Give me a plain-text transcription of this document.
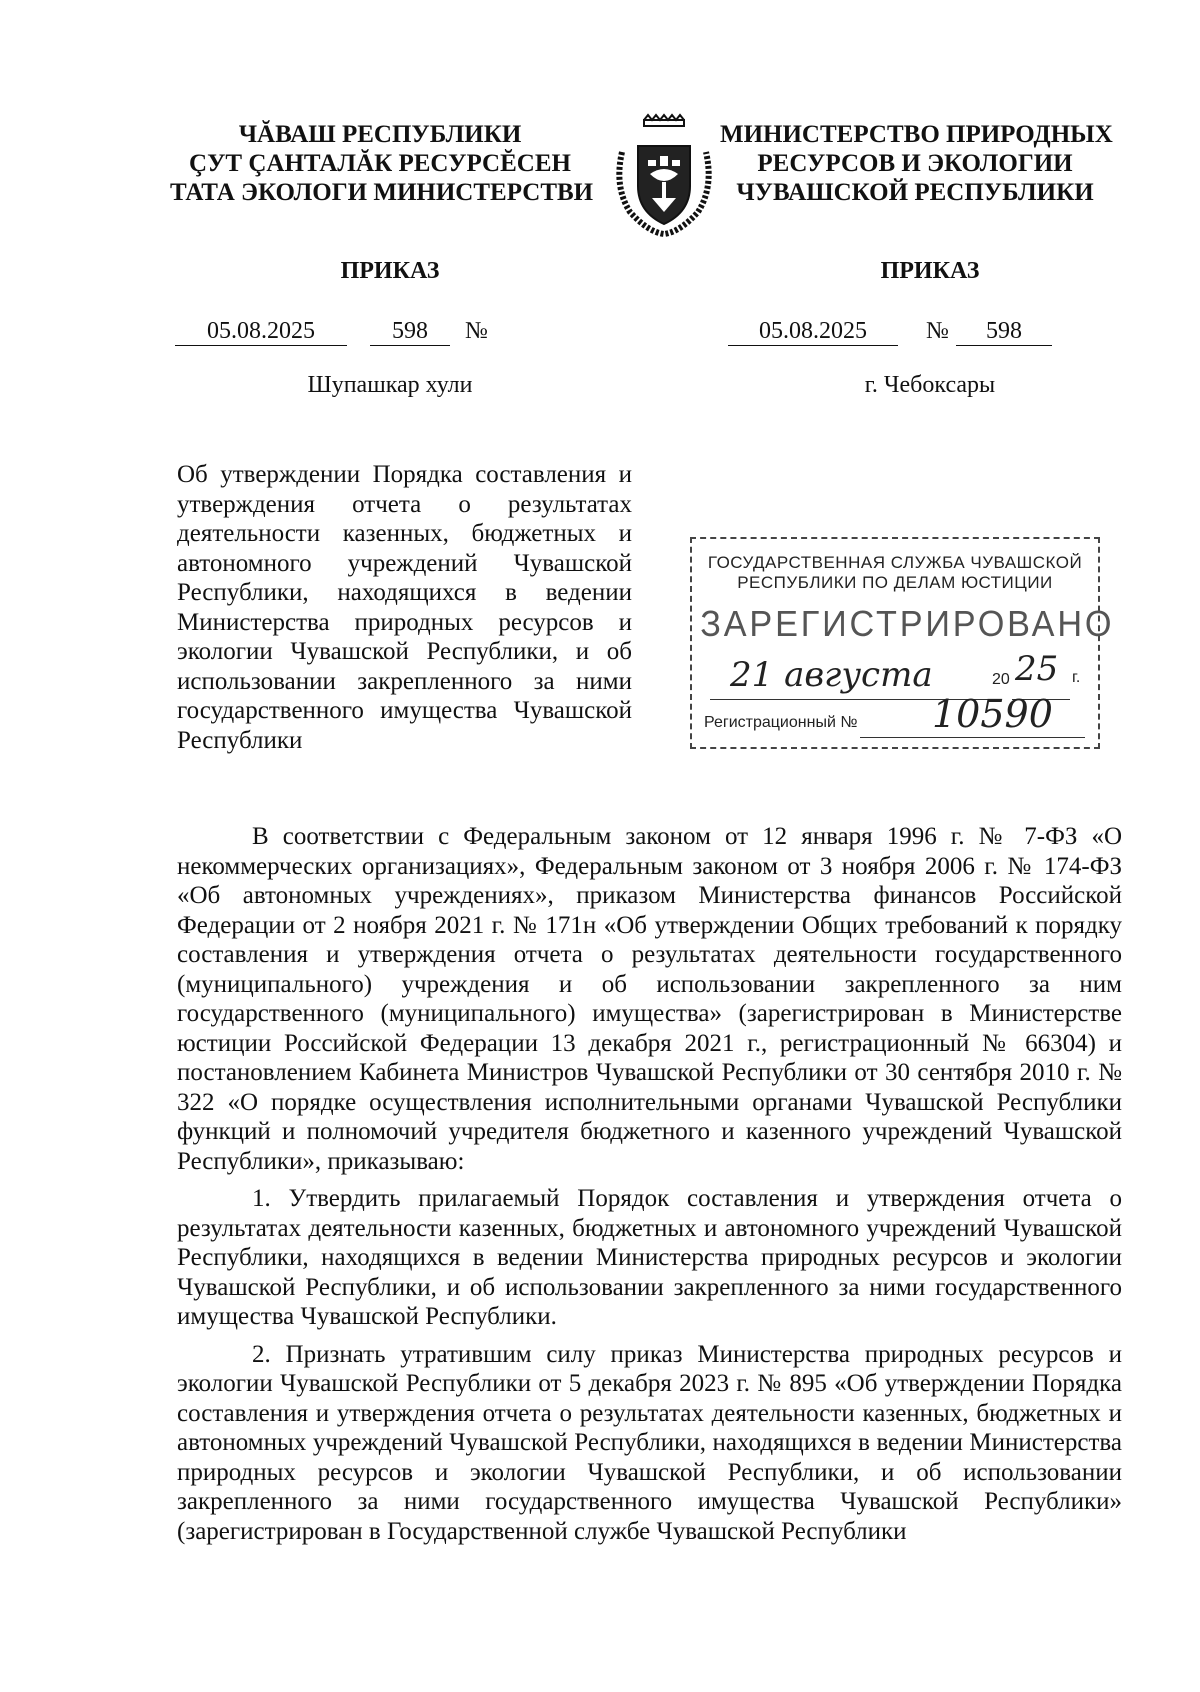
ЧĂВАШ РЕСПУБЛИКИ
ÇУТ ÇАНТАЛĂК РЕСУРСĔСЕН
ТАТА ЭКОЛОГИ МИНИСТЕРСТВИ
МИНИСТЕРСТВО ПРИРОДНЫХ
РЕСУРСОВ И ЭКОЛОГИИ
ЧУВАШСКОЙ РЕСПУБЛИКИ
ПРИКАЗ	ПРИКАЗ
05.08.2025	598	№	05.08.2025	№	598
Шупашкар хули	г. Чебоксары
Об утверждении Порядка составления и утверждения отчета о результатах деятельности казенных, бюджетных и автономного учреждений Чувашской Республики, находящихся в ведении Министерства природных ресурсов и экологии Чувашской Республики, и об использовании закрепленного за ними государственного имущества Чувашской Республики
ГОСУДАРСТВЕННАЯ СЛУЖБА ЧУВАШСКОЙ
РЕСПУБЛИКИ ПО ДЕЛАМ ЮСТИЦИИ
ЗАРЕГИСТРИРОВАНО
21 августа	20 25 г.
Регистрационный № 10590

В соответствии с Федеральным законом от 12 января 1996 г. № 7-ФЗ «О некоммерческих организациях», Федеральным законом от 3 ноября 2006 г. № 174-ФЗ «Об автономных учреждениях», приказом Министерства финансов Российской Федерации от 2 ноября 2021 г. № 171н «Об утверждении Общих требований к порядку составления и утверждения отчета о результатах деятельности государственного (муниципального) учреждения и об использовании закрепленного за ним государственного (муниципального) имущества» (зарегистрирован в Министерстве юстиции Российской Федерации 13 декабря 2021 г., регистрационный № 66304) и постановлением Кабинета Министров Чувашской Республики от 30 сентября 2010 г. № 322 «О порядке осуществления исполнительными органами Чувашской Республики функций и полномочий учредителя бюджетного и казенного учреждений Чувашской Республики», приказываю:

1. Утвердить прилагаемый Порядок составления и утверждения отчета о результатах деятельности казенных, бюджетных и автономного учреждений Чувашской Республики, находящихся в ведении Министерства природных ресурсов и экологии Чувашской Республики, и об использовании закрепленного за ними государственного имущества Чувашской Республики.

2. Признать утратившим силу приказ Министерства природных ресурсов и экологии Чувашской Республики от 5 декабря 2023 г. № 895 «Об утверждении Порядка составления и утверждения отчета о результатах деятельности казенных, бюджетных и автономных учреждений Чувашской Республики, находящихся в ведении Министерства природных ресурсов и экологии Чувашской Республики, и об использовании закрепленного за ними государственного имущества Чувашской Республики» (зарегистрирован в Государственной службе Чувашской Республики
